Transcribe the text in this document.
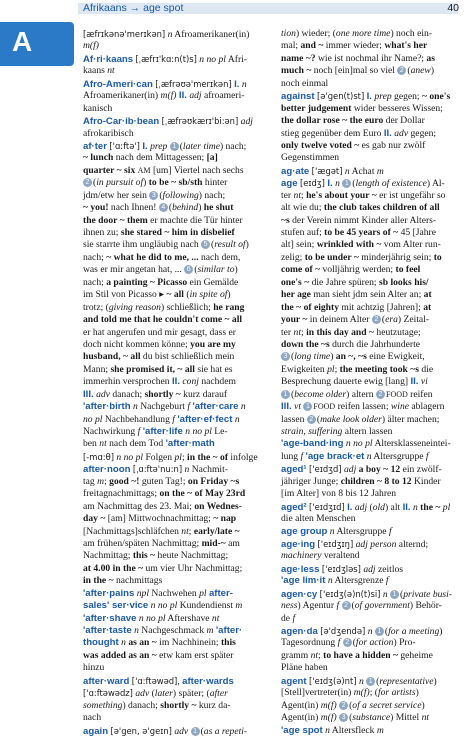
Afrikaans → age spot	40
A	[æfrɪkənə'merɪkən] n Afroamerikaner(in)
m(f)
Af·ri·kaans [ˌæfrɪ'kɑ:n(t)s] n no pl Afri-
kaans nt
Afro-Ameri·can [ˌæfrəʊə'merɪkən] I. n
Afroamerikaner(in) m(f) II. adj afroameri-
kanisch
Afro-Car·ib·bean [ˌæfrəʊkærɪ'bi:ən] adj
afrokaribisch
af·ter ['ɑ:ftə'] I. prep 1 (later time) nach;
~ lunch nach dem Mittagessen; [a]
quarter ~ six AM [um] Viertel nach sechs
2 (in pursuit of) to be ~ sb/sth hinter
jdm/etw her sein 3 (following) nach;
~ you! nach Ihnen! 4 (behind) he shut
the door ~ them er machte die Tür hinter
ihnen zu; she stared ~ him in disbelief
sie starrte ihm ungläubig nach 5 (result of)
nach; ~ what he did to me, ... nach dem,
was er mir angetan hat, ... 6 (similar to)
nach; a painting ~ Picasso ein Gemälde
im Stil von Picasso ▸ ~ all (in spite of)
trotz; (giving reason) schließlich; he rang
and told me that he couldn't come ~ all
er hat angerufen und mir gesagt, dass er
doch nicht kommen könne; you are my
husband, ~ all du bist schließlich mein
Mann; she promised it, ~ all sie hat es
immerhin versprochen II. conj nachdem
III. adv danach; shortly ~ kurz darauf
'after·birth n Nachgeburt f 'after·care n
no pl Nachbehandlung f 'after·ef·fect n
Nachwirkung f 'after·life n no pl Le-
ben nt nach dem Tod 'after·math
[-mɑ:θ] n no pl Folgen pl; in the ~ of infolge
after·noon [ˌɑ:ftə'nu:n] n Nachmit-
tag m; good ~! guten Tag!; on Friday ~s
freitagnachmittags; on the ~ of May 23rd
am Nachmittag des 23. Mai; on Wednes-
day ~ [am] Mittwochnachmittag; ~ nap
[Nachmittags]schläfchen nt; early/late ~
am frühen/späten Nachmittag; mid-~ am
Nachmittag; this ~ heute Nachmittag;
at 4.00 in the ~ um vier Uhr Nachmittag;
in the ~ nachmittags
'after·pains npl Nachwehen pl after-
sales' ser·vice n no pl Kundendienst m
'after·shave n no pl Aftershave nt
'after·taste n Nachgeschmack m 'after·
thought n as an ~ im Nachhinein; this
was added as an ~ etw kam erst später
hinzu
after·ward ['ɑ:ftəwəd], after·wards
['ɑ:ftəwədz] adv (later) später; (after
something) danach; shortly ~ kurz da-
nach
again [ə'gen, ə'geɪn] adv 1 (as a repeti-
tion) wieder; (one more time) noch ein-
mal; and ~ immer wieder; what's her
name ~? wie ist nochmal ihr Name?; as
much ~ noch [ein]mal so viel 2 (anew)
noch einmal
against [ə'gen(t)st] I. prep gegen; ~ one's
better judgement wider besseres Wissen;
the dollar rose ~ the euro der Dollar
stieg gegenüber dem Euro II. adv gegen;
only twelve voted ~ es gab nur zwölf
Gegenstimmen
ag·ate ['ægət] n Achat m
age [eɪdʒ] I. n 1 (length of existence) Al-
ter nt; he's about your ~ er ist ungefähr so
alt wie du; the club takes children of all
~s der Verein nimmt Kinder aller Alters-
stufen auf; to be 45 years of ~ 45 [Jahre
alt] sein; wrinkled with ~ vom Alter run-
zelig; to be under ~ minderjährig sein; to
come of ~ volljährig werden; to feel
one's ~ die Jahre spüren; sb looks his/
her age man sieht jdm sein Alter an; at
the ~ of eighty mit achtzig [Jahren]; at
your ~ in deinem Alter 2 (era) Zeital-
ter nt; in this day and ~ heutzutage;
down the ~s durch die Jahrhunderte
3 (long time) an ~, ~s eine Ewigkeit,
Ewigkeiten pl; the meeting took ~s die
Besprechung dauerte ewig [lang] II. vi
1 (become older) altern 2 FOOD reifen
III. vt 1 FOOD reifen lassen; wine ablagern
lassen 2 (make look older) älter machen;
strain, suffering altern lassen
'age-band·ing n no pl Altersklasseneintei-
lung f 'age brack·et n Altersgruppe f
aged¹ ['eɪdʒd] adj a boy ~ 12 ein zwölf-
jähriger Junge; children ~ 8 to 12 Kinder
[im Alter] von 8 bis 12 Jahren
aged² ['eɪdʒɪd] I. adj (old) alt II. n the ~ pl
die alten Menschen
age group n Altersgruppe f
age·ing ['eɪdʒɪŋ] adj person alternd;
machinery veraltend
age·less ['eɪdʒləs] adj zeitlos
'age lim·it n Altersgrenze f
agen·cy ['eɪdʒ(ə)n(t)si] n 1 (private busi-
ness) Agentur f 2 (of government) Behör-
de f
agen·da [ə'dʒendə] n 1 (for a meeting)
Tagesordnung f 2 (for action) Pro-
gramm nt; to have a hidden ~ geheime
Pläne haben
agent ['eɪdʒ(ə)nt] n 1 (representative)
[Stell]vertreter(in) m(f); (for artists)
Agent(in) m(f) 2 (of a secret service)
Agent(in) m(f) 3 (substance) Mittel nt
'age spot n Altersfleck m
